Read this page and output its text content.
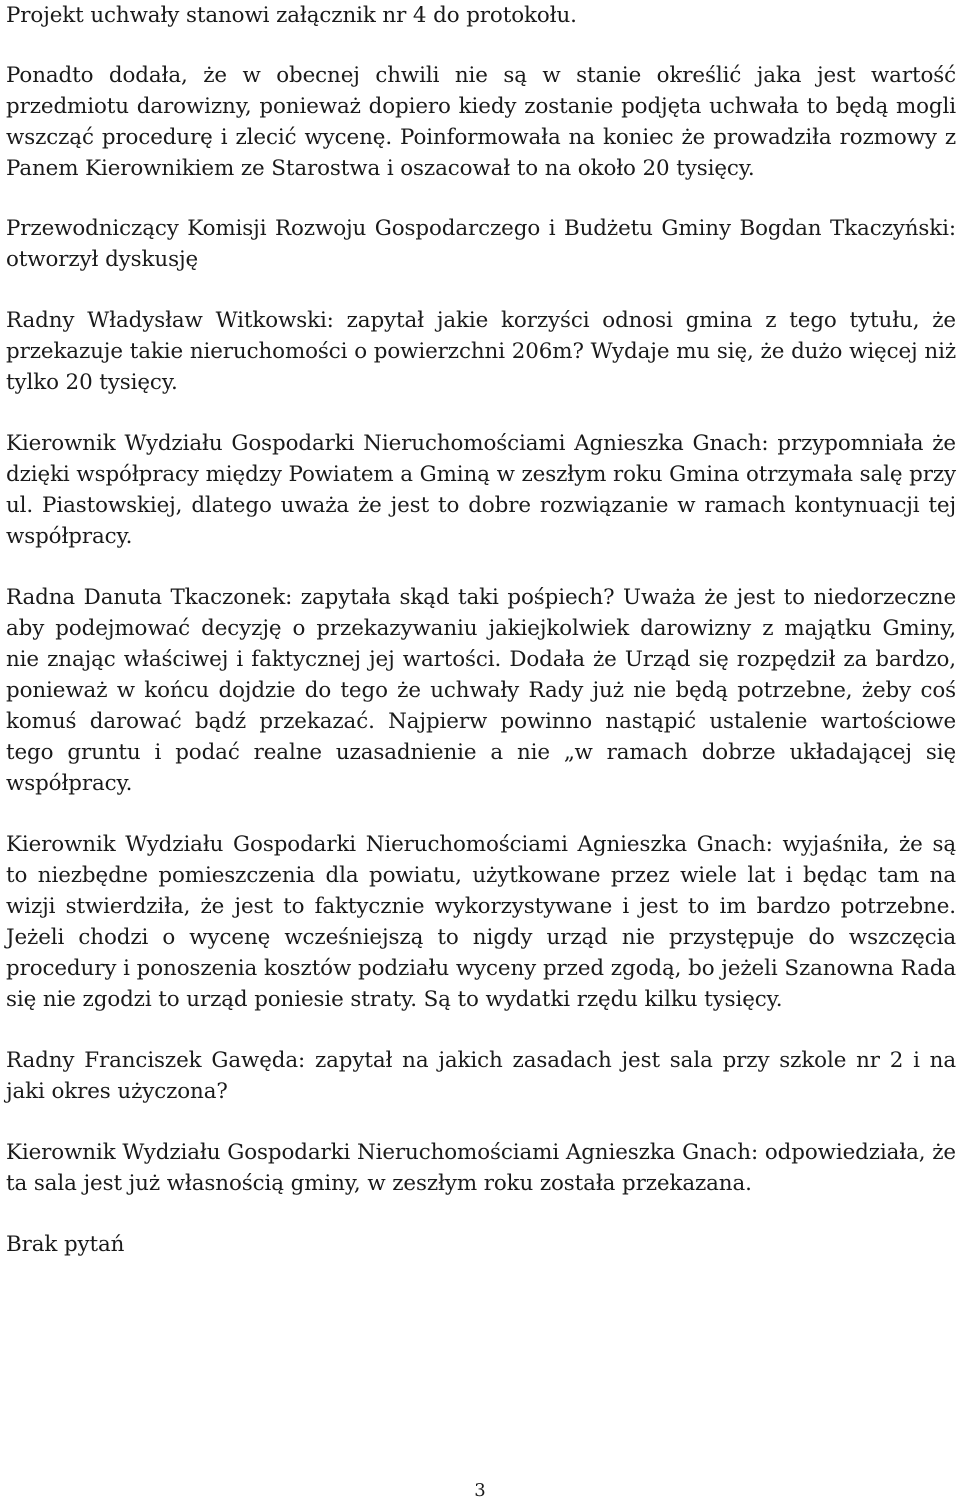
Projekt uchwały stanowi załącznik nr 4 do protokołu.

Ponadto dodała, że w obecnej chwili nie są w stanie określić jaka jest wartość przedmiotu darowizny, ponieważ dopiero kiedy zostanie podjęta uchwała to będą mogli wszcząć procedurę i zlecić wycenę. Poinformowała na koniec że prowadziła rozmowy z Panem Kierownikiem ze Starostwa i oszacował to na około 20 tysięcy.

Przewodniczący Komisji Rozwoju Gospodarczego i Budżetu Gminy Bogdan Tkaczyński: otworzył dyskusję

Radny Władysław Witkowski: zapytał jakie korzyści odnosi gmina z tego tytułu, że przekazuje takie nieruchomości o powierzchni 206m? Wydaje mu się, że dużo więcej niż tylko 20 tysięcy.

Kierownik Wydziału Gospodarki Nieruchomościami Agnieszka Gnach: przypomniała że dzięki współpracy między Powiatem a Gminą w zeszłym roku Gmina otrzymała salę przy ul. Piastowskiej, dlatego uważa że jest to dobre rozwiązanie w ramach kontynuacji tej współpracy.

Radna Danuta Tkaczonek: zapytała skąd taki pośpiech? Uważa że jest to niedorzeczne aby podejmować decyzję o przekazywaniu jakiejkolwiek darowizny z majątku Gminy, nie znając właściwej i faktycznej jej wartości. Dodała że Urząd się rozpędził za bardzo, ponieważ w końcu dojdzie do tego że uchwały Rady już nie będą potrzebne, żeby coś komuś darować bądź przekazać. Najpierw powinno nastąpić ustalenie wartościowe tego gruntu i podać realne uzasadnienie a nie „w ramach dobrze układającej się współpracy.

Kierownik Wydziału Gospodarki Nieruchomościami Agnieszka Gnach: wyjaśniła, że są to niezbędne pomieszczenia dla powiatu, użytkowane przez wiele lat i będąc tam na wizji stwierdziła, że jest to faktycznie wykorzystywane i jest to im bardzo potrzebne. Jeżeli chodzi o wycenę wcześniejszą to nigdy urząd nie przystępuje do wszczęcia procedury i ponoszenia kosztów podziału wyceny przed zgodą, bo jeżeli Szanowna Rada się nie zgodzi to urząd poniesie straty. Są to wydatki rzędu kilku tysięcy.

Radny Franciszek Gawęda: zapytał na jakich zasadach jest sala przy szkole nr 2 i na jaki okres użyczona?

Kierownik Wydziału Gospodarki Nieruchomościami Agnieszka Gnach: odpowiedziała, że ta sala jest już własnością gminy, w zeszłym roku została przekazana.

Brak pytań

3
